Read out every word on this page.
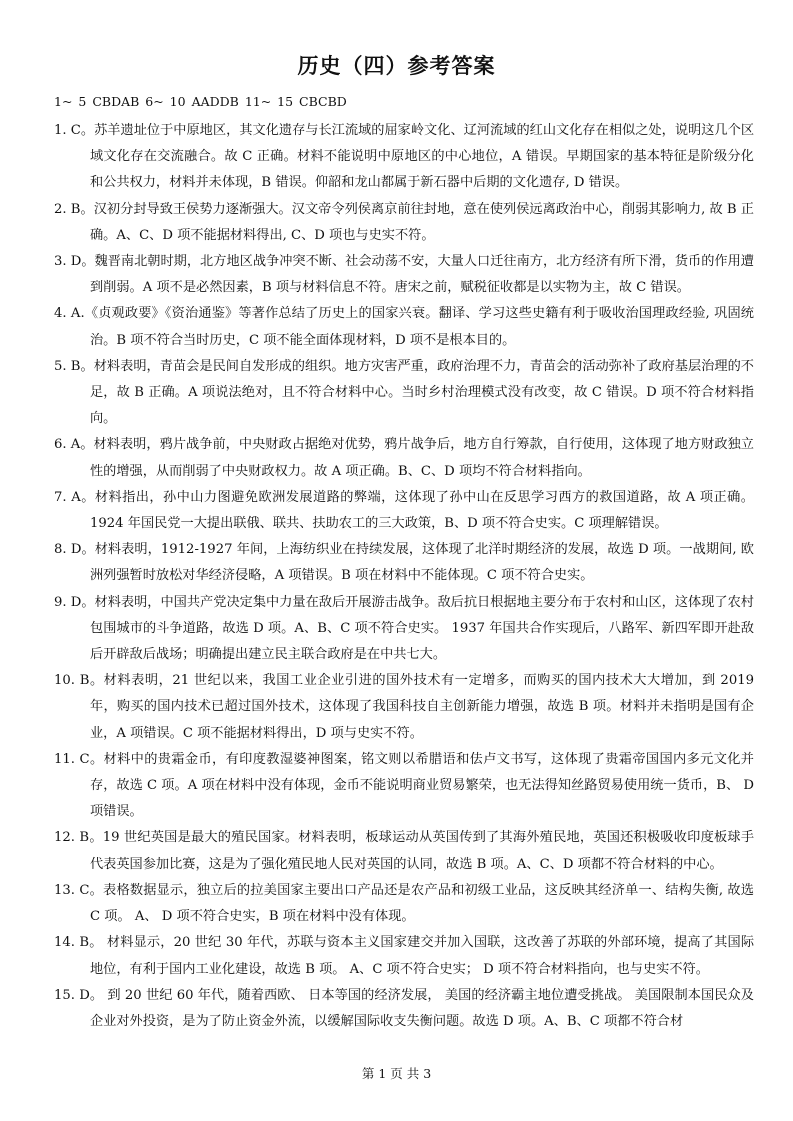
历史（四）参考答案
1~ 5 CBDAB 6~ 10 AADDB 11~ 15 CBCBD

1. C。苏羊遗址位于中原地区，其文化遗存与长江流域的屈家岭文化、辽河流域的红山文化存在相似之处，说明这几个区域文化存在交流融合。故 C 正确。材料不能说明中原地区的中心地位，A 错误。早期国家的基本特征是阶级分化和公共权力，材料并未体现，B 错误。仰韶和龙山都属于新石器中后期的文化遗存, D 错误。

2. B。汉初分封导致王侯势力逐渐强大。汉文帝令列侯离京前往封地，意在使列侯远离政治中心，削弱其影响力, 故 B 正确。A、C、D 项不能据材料得出, C、D 项也与史实不符。

3. D。魏晋南北朝时期，北方地区战争冲突不断、社会动荡不安，大量人口迁往南方，北方经济有所下滑，货币的作用遭到削弱。A 项不是必然因素，B 项与材料信息不符。唐宋之前，赋税征收都是以实物为主，故 C 错误。

4. A.《贞观政要》《资治通鉴》等著作总结了历史上的国家兴衰。翻译、学习这些史籍有利于吸收治国理政经验, 巩固统治。B 项不符合当时历史，C 项不能全面体现材料，D 项不是根本目的。

5. B。材料表明，青苗会是民间自发形成的组织。地方灾害严重，政府治理不力，青苗会的活动弥补了政府基层治理的不足，故 B 正确。A 项说法绝对，且不符合材料中心。当时乡村治理模式没有改变，故 C 错误。D 项不符合材料指向。

6. A。材料表明，鸦片战争前，中央财政占据绝对优势，鸦片战争后，地方自行筹款，自行使用，这体现了地方财政独立性的增强，从而削弱了中央财政权力。故 A 项正确。B、C、D 项均不符合材料指向。

7. A。材料指出，孙中山力图避免欧洲发展道路的弊端，这体现了孙中山在反思学习西方的救国道路，故 A 项正确。1924 年国民党一大提出联俄、联共、扶助农工的三大政策，B、D 项不符合史实。C 项理解错误。

8. D。材料表明，1912-1927 年间，上海纺织业在持续发展，这体现了北洋时期经济的发展，故选 D 项。一战期间, 欧洲列强暂时放松对华经济侵略，A 项错误。B 项在材料中不能体现。C 项不符合史实。

9. D。材料表明，中国共产党决定集中力量在敌后开展游击战争。敌后抗日根据地主要分布于农村和山区，这体现了农村包围城市的斗争道路，故选 D 项。A、B、C 项不符合史实。 1937 年国共合作实现后，八路军、新四军即开赴敌后开辟敌后战场；明确提出建立民主联合政府是在中共七大。

10. B。材料表明，21 世纪以来，我国工业企业引进的国外技术有一定增多，而购买的国内技术大大增加，到 2019 年，购买的国内技术已超过国外技术，这体现了我国科技自主创新能力增强，故选 B 项。材料并未指明是国有企业，A 项错误。C 项不能据材料得出，D 项与史实不符。

11. C。材料中的贵霜金币，有印度教湿婆神图案，铭文则以希腊语和佉卢文书写，这体现了贵霜帝国国内多元文化并存，故选 C 项。A 项在材料中没有体现，金币不能说明商业贸易繁荣，也无法得知丝路贸易使用统一货币，B、 D 项错误。

12. B。19 世纪英国是最大的殖民国家。材料表明，板球运动从英国传到了其海外殖民地，英国还积极吸收印度板球手代表英国参加比赛，这是为了强化殖民地人民对英国的认同，故选 B 项。A、C、D 项都不符合材料的中心。

13. C。表格数据显示，独立后的拉美国家主要出口产品还是农产品和初级工业品，这反映其经济单一、结构失衡, 故选 C 项。 A、 D 项不符合史实，B 项在材料中没有体现。

14. B。 材料显示，20 世纪 30 年代，苏联与资本主义国家建交并加入国联，这改善了苏联的外部环境，提高了其国际地位，有利于国内工业化建设，故选 B 项。 A、C 项不符合史实； D 项不符合材料指向，也与史实不符。

15. D。 到 20 世纪 60 年代，随着西欧、 日本等国的经济发展， 美国的经济霸主地位遭受挑战。 美国限制本国民众及企业对外投资，是为了防止资金外流，以缓解国际收支失衡问题。故选 D 项。A、B、C 项都不符合材

第 1 页 共 3
